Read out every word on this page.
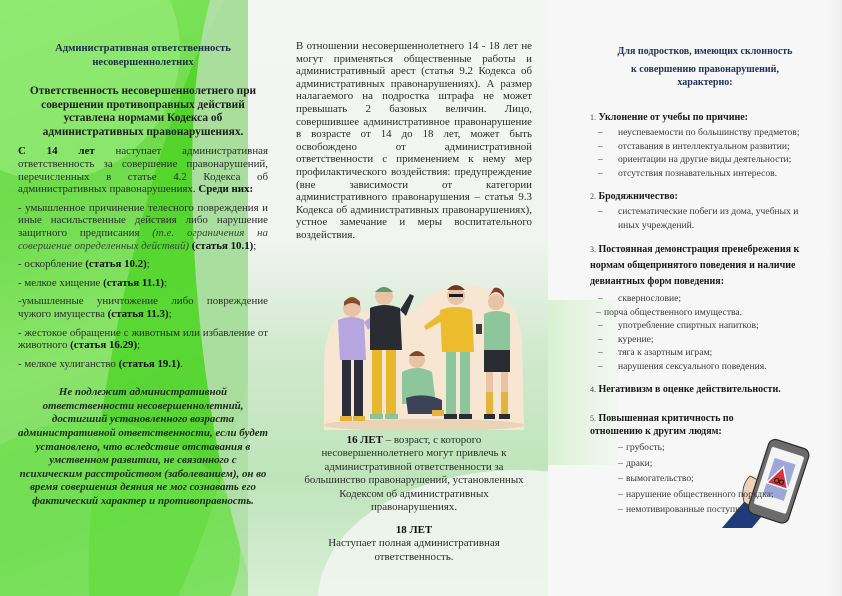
Административная ответственность
несовершеннолетних
Ответственность несовершеннолетнего при совершении противоправных действий уставлена нормами Кодекса об административных правонарушениях.
С 14 лет наступает административная ответственность за совершение правонарушений, перечисленных в статье 4.2 Кодекса об административных правонарушениях. Среди них:
- умышленное причинение телесного повреждения и иные насильственные действия либо нарушение защитного предписания (т.е. ограничения на совершение определенных действий) (статья 10.1);
- оскорбление (статья 10.2);
- мелкое хищение (статья 11.1);
-умышленные уничтожение либо повреждение чужого имущества (статья 11.3);
- жестокое обращение с животным или избавление от животного (статья 16.29);
- мелкое хулиганство (статья 19.1).
Не подлежит административной ответственности несовершеннолетний, достигший установленного возраста административной ответственности, если будет установлено, что вследствие отставания в умственном развитии, не связанного с психическим расстройством (заболеванием), он во время совершения деяния не мог сознавать его фактический характер и противоправность.
В отношении несовершеннолетнего 14 - 18 лет не могут применяться общественные работы и административный арест (статья 9.2 Кодекса об административных правонарушениях). А размер налагаемого на подростка штрафа не может превышать 2 базовых величин. Лицо, совершившее административное правонарушение в возрасте от 14 до 18 лет, может быть освобождено от административной ответственности с применением к нему мер профилактического воздействия: предупреждение (вне зависимости от категории административного правонарушения – статья 9.3 Кодекса об административных правонарушениях), устное замечание и меры воспитательного воздействия.
16 ЛЕТ – возраст, с которого несовершеннолетнего могут привлечь к административной ответственности за большинство правонарушений, установленных Кодексом об административных правонарушениях.
18 ЛЕТ
Наступает полная административная ответственность.
Для подростков, имеющих склонность
к совершению правонарушений,
характерно:
1. Уклонение от учебы по причине:
– неуспеваемости по большинству предметов;
– отставания в интеллектуальном развитии;
– ориентации на другие виды деятельности;
– отсутствия познавательных интересов.
2. Бродяжничество:
– систематические побеги из дома, учебных и иных учреждений.
3. Постоянная демонстрация пренебрежения к нормам общепринятого поведения и наличие девиантных форм поведения:
– сквернословие;
– порча общественного имущества.
– употребление спиртных напитков;
– курение;
– тяга к азартным играм;
– нарушения сексуального поведения.
4. Негативизм в оценке действительности.
5. Повышенная критичность по отношению к другим людям:
– грубость;
– драки;
– вымогательство;
– нарушение общественного порядка;
– немотивированные поступки.
